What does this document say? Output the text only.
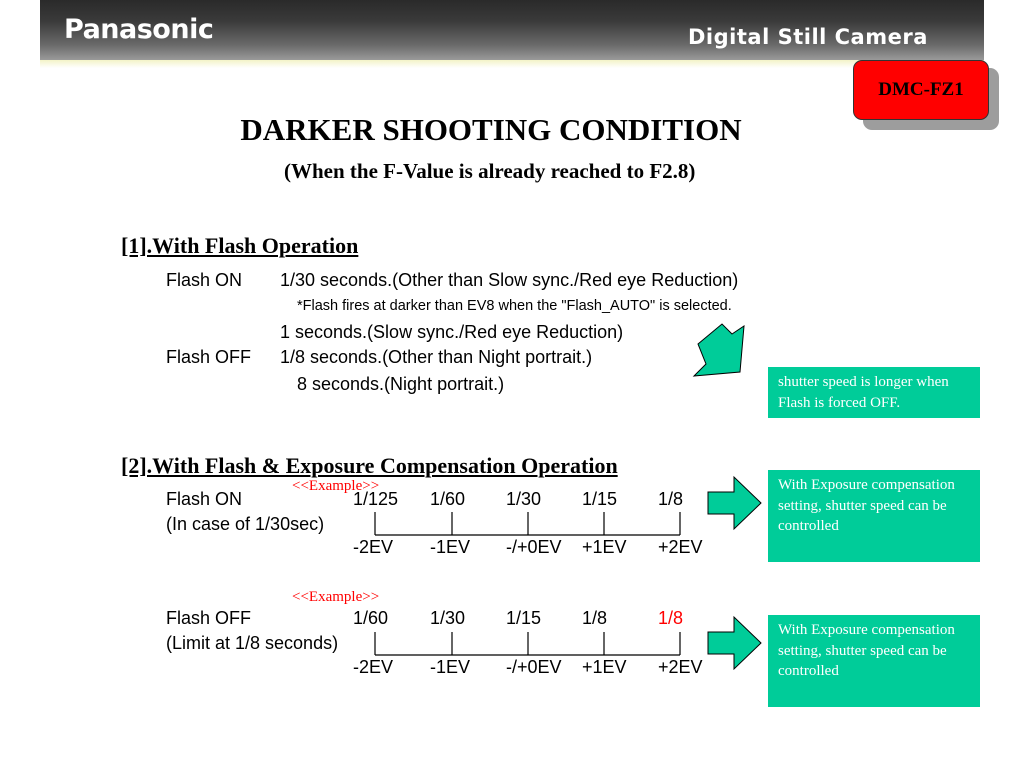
Panasonic	Digital Still Camera
DMC-FZ1
DARKER SHOOTING CONDITION
(When the F-Value is already reached to F2.8)
[1].With Flash Operation
Flash ON 1/30 seconds.(Other than Slow sync./Red eye Reduction)
*Flash fires at darker than EV8 when the "Flash_AUTO" is selected.
1 seconds.(Slow sync./Red eye Reduction)
Flash OFF 1/8 seconds.(Other than Night portrait.)
8 seconds.(Night portrait.)	shutter speed is longer when Flash is forced OFF.
[2].With Flash & Exposure Compensation Operation
<<Example>>
Flash ON
(In case of 1/30sec)
1/125 1/60 1/30 1/15 1/8
-2EV -1EV -/+0EV +1EV +2EV
With Exposure compensation setting, shutter speed can be controlled
<<Example>>
Flash OFF
(Limit at 1/8 seconds)
1/60 1/30 1/15 1/8	1/8
-2EV -1EV -/+0EV +1EV +2EV
With Exposure compensation setting, shutter speed can be controlled
